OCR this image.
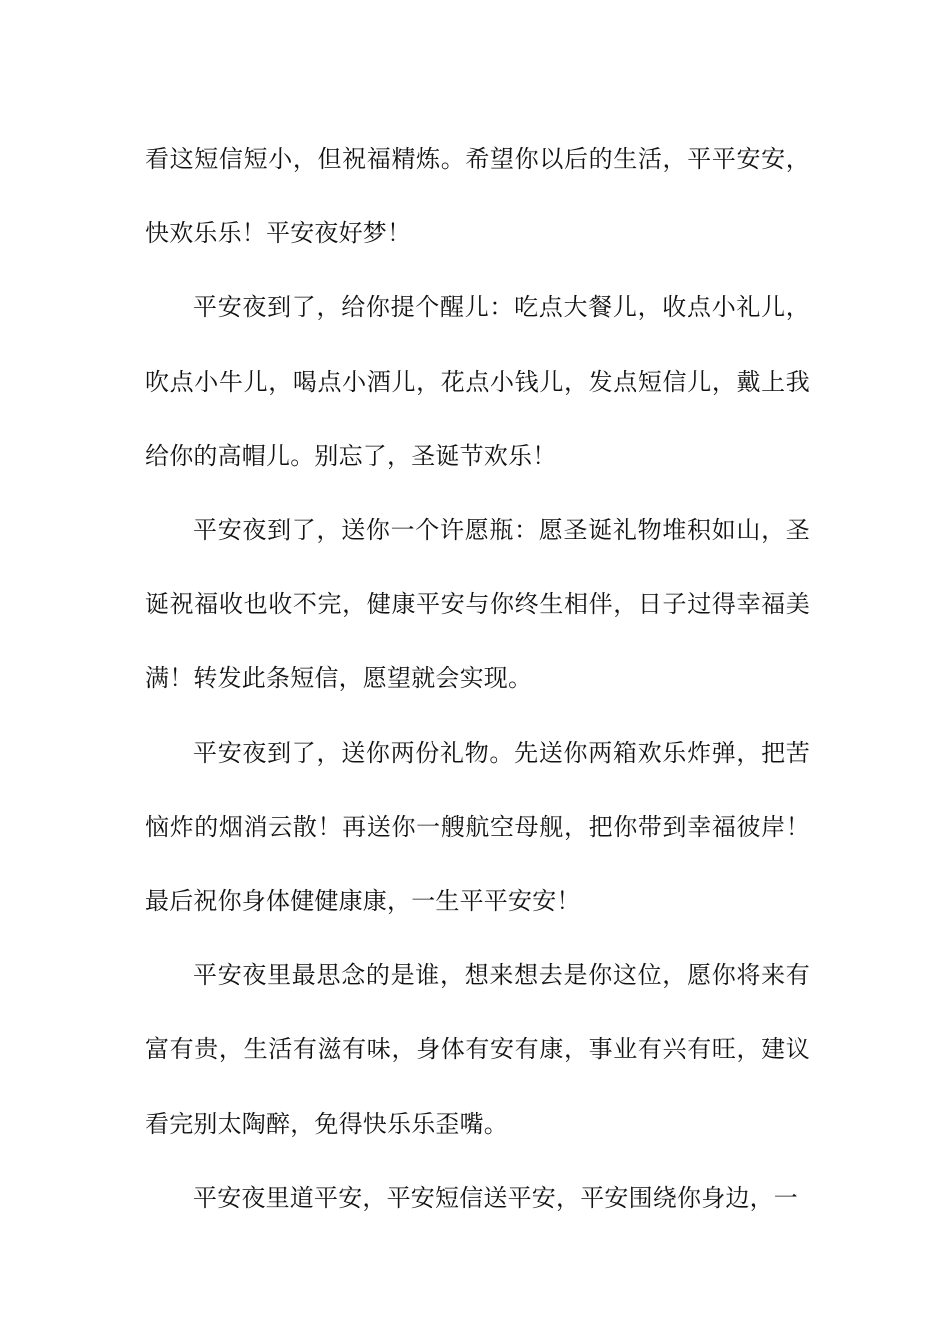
看这短信短小，但祝福精炼。希望你以后的生活，平平安安，快欢乐乐！平安夜好梦！

平安夜到了，给你提个醒儿：吃点大餐儿，收点小礼儿，吹点小牛儿，喝点小酒儿，花点小钱儿，发点短信儿，戴上我给你的高帽儿。别忘了，圣诞节欢乐！

平安夜到了，送你一个许愿瓶：愿圣诞礼物堆积如山，圣诞祝福收也收不完，健康平安与你终生相伴，日子过得幸福美满！转发此条短信，愿望就会实现。

平安夜到了，送你两份礼物。先送你两箱欢乐炸弹，把苦恼炸的烟消云散！再送你一艘航空母舰，把你带到幸福彼岸！最后祝你身体健健康康，一生平平安安！

平安夜里最思念的是谁，想来想去是你这位，愿你将来有富有贵，生活有滋有味，身体有安有康，事业有兴有旺，建议看完别太陶醉，免得快乐乐歪嘴。

平安夜里道平安，平安短信送平安，平安围绕你身边，一
